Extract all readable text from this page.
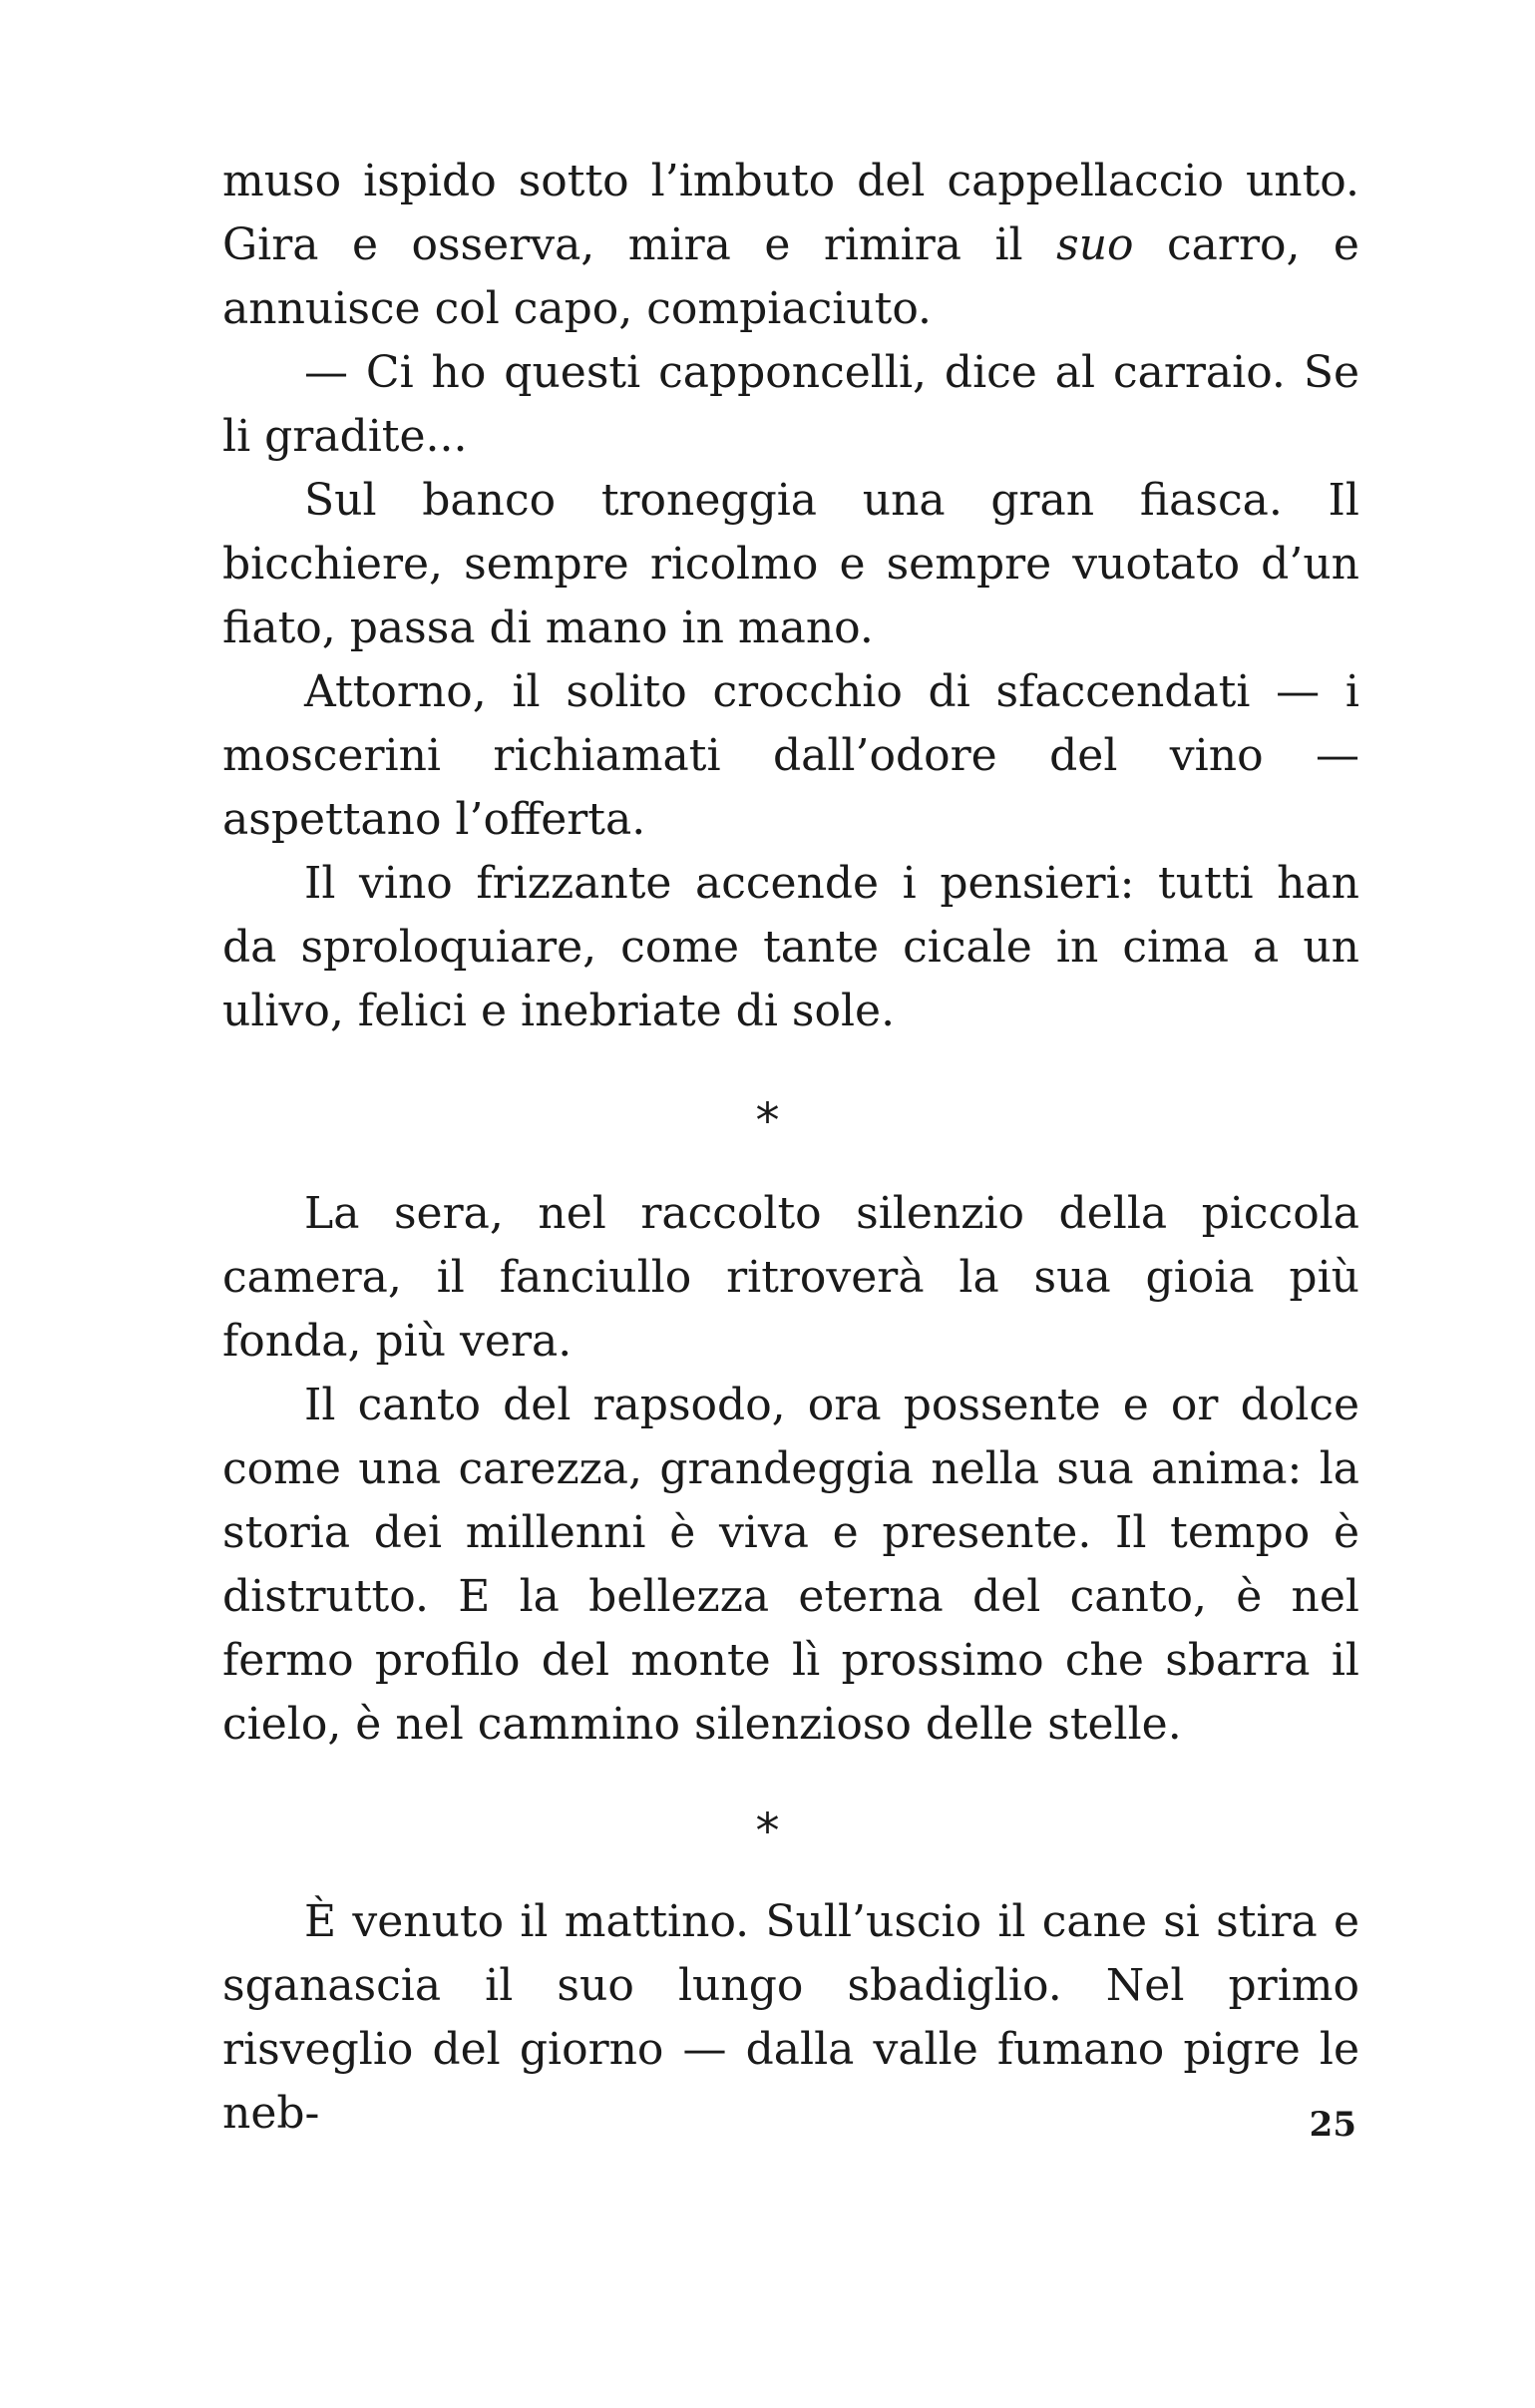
muso ispido sotto l’imbuto del cappellaccio unto. Gira e osserva, mira e rimira il suo carro, e annuisce col capo, compiaciuto.

— Ci ho questi capponcelli, dice al carraio. Se li gradite...

Sul banco troneggia una gran fiasca. Il bicchiere, sempre ricolmo e sempre vuotato d’un fiato, passa di mano in mano.

Attorno, il solito crocchio di sfaccendati — i moscerini richiamati dall’odore del vino — aspettano l’offerta.

Il vino frizzante accende i pensieri: tutti han da sproloquiare, come tante cicale in cima a un ulivo, felici e inebriate di sole.

*

La sera, nel raccolto silenzio della piccola camera, il fanciullo ritroverà la sua gioia più fonda, più vera.

Il canto del rapsodo, ora possente e or dolce come una carezza, grandeggia nella sua anima: la storia dei millenni è viva e presente. Il tempo è distrutto. E la bellezza eterna del canto, è nel fermo profilo del monte lì prossimo che sbarra il cielo, è nel cammino silenzioso delle stelle.

*

È venuto il mattino. Sull’uscio il cane si stira e sganascia il suo lungo sbadiglio. Nel primo risveglio del giorno — dalla valle fumano pigre le neb-	25
